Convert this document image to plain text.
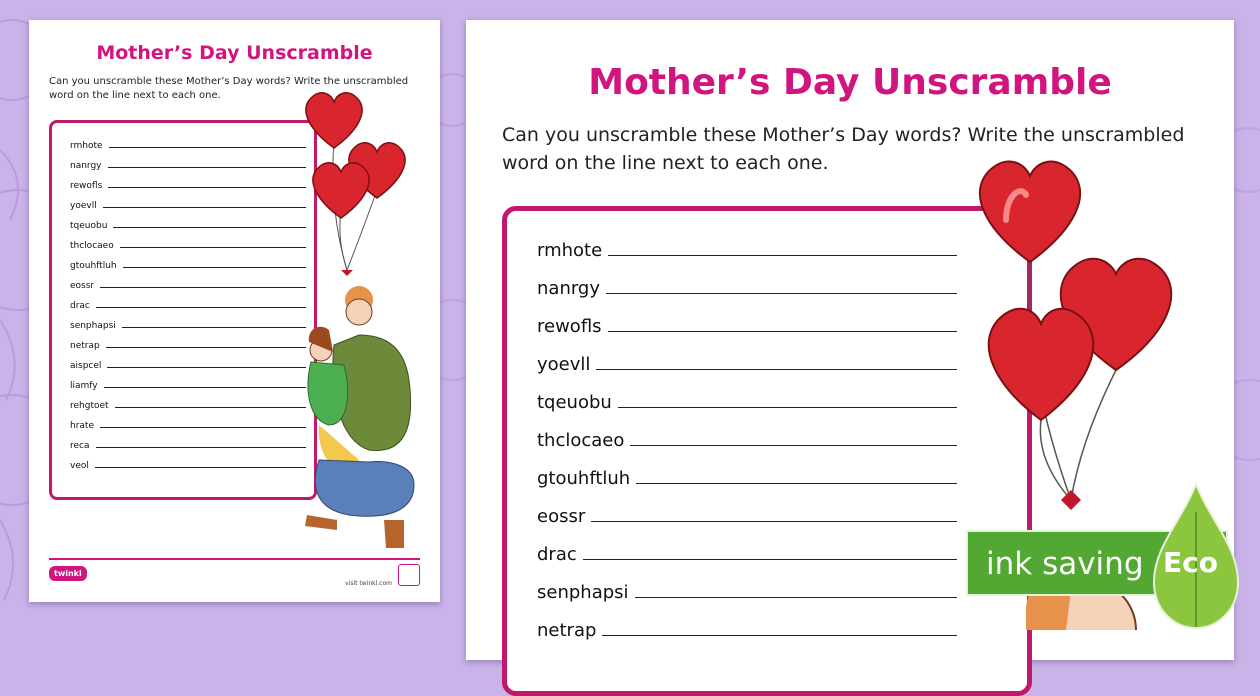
Mother’s Day Unscramble
Can you unscramble these Mother’s Day words? Write the unscrambled word on the line next to each one.
rmhote
nanrgy
rewofls
yoevll
tqeuobu
thclocaeo
gtouhftluh
eossr
drac
senphapsi
netrap
aispcel
liamfy
rehgtoet
hrate
reca
veol
twinkl
visit twinkl.com
Mother’s Day Unscramble
Can you unscramble these Mother’s Day words? Write the unscrambled word on the line next to each one.
rmhote
nanrgy
rewofls
yoevll
tqeuobu
thclocaeo
gtouhftluh
eossr
drac
senphapsi
netrap
ink saving Eco
